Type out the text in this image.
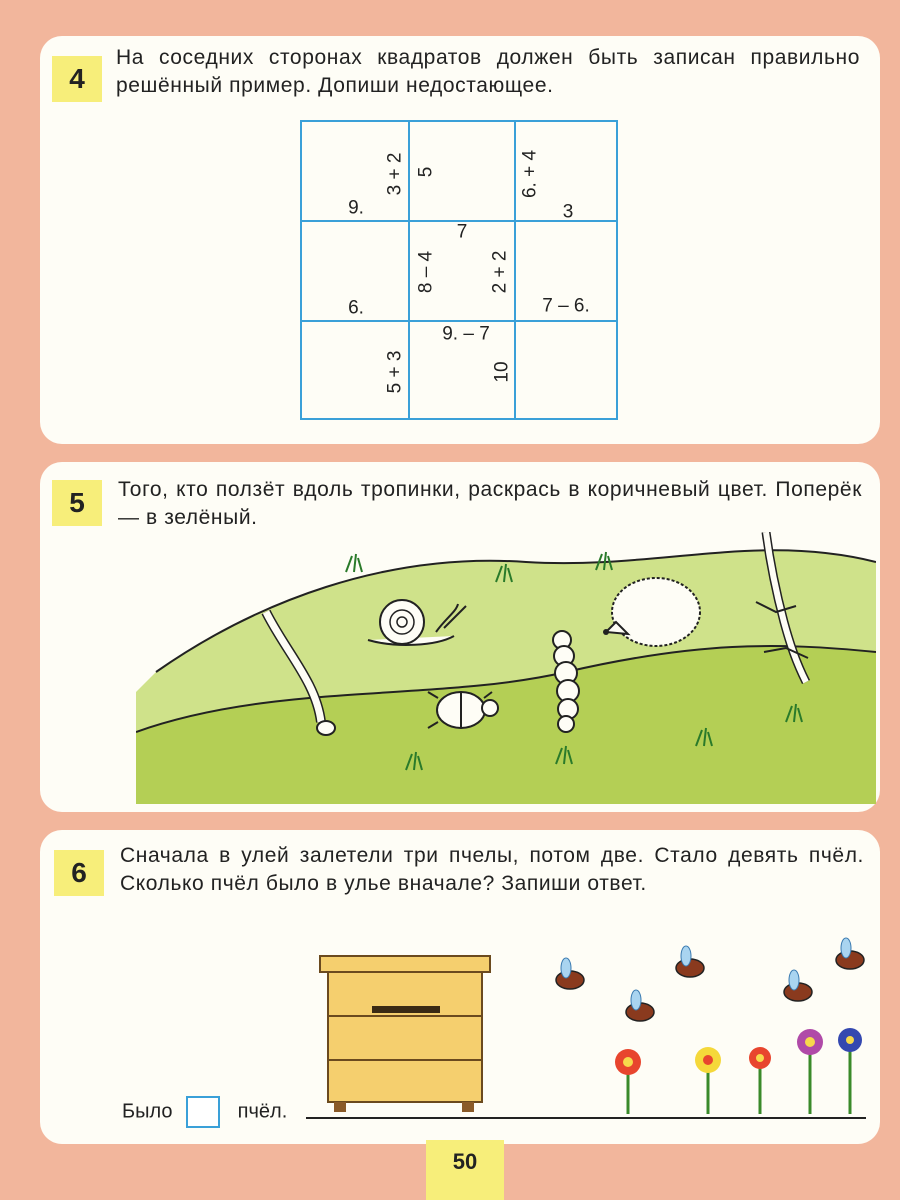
4
На соседних сторонах квадратов должен быть записан правильно решённый пример. Допиши недостающее.
9.
3 + 2 5	6. + 4
3
7
6.
8 – 4	2 + 2
7 – 6.
9. – 7
5 + 3	10
5	Того, кто ползёт вдоль тропинки, раскрась в коричневый цвет. Поперёк — в зелёный.
6
Сначала в улей залетели три пчелы, потом две. Стало девять пчёл. Сколько пчёл было в улье вначале? Запиши ответ.
Было	пчёл.
50
